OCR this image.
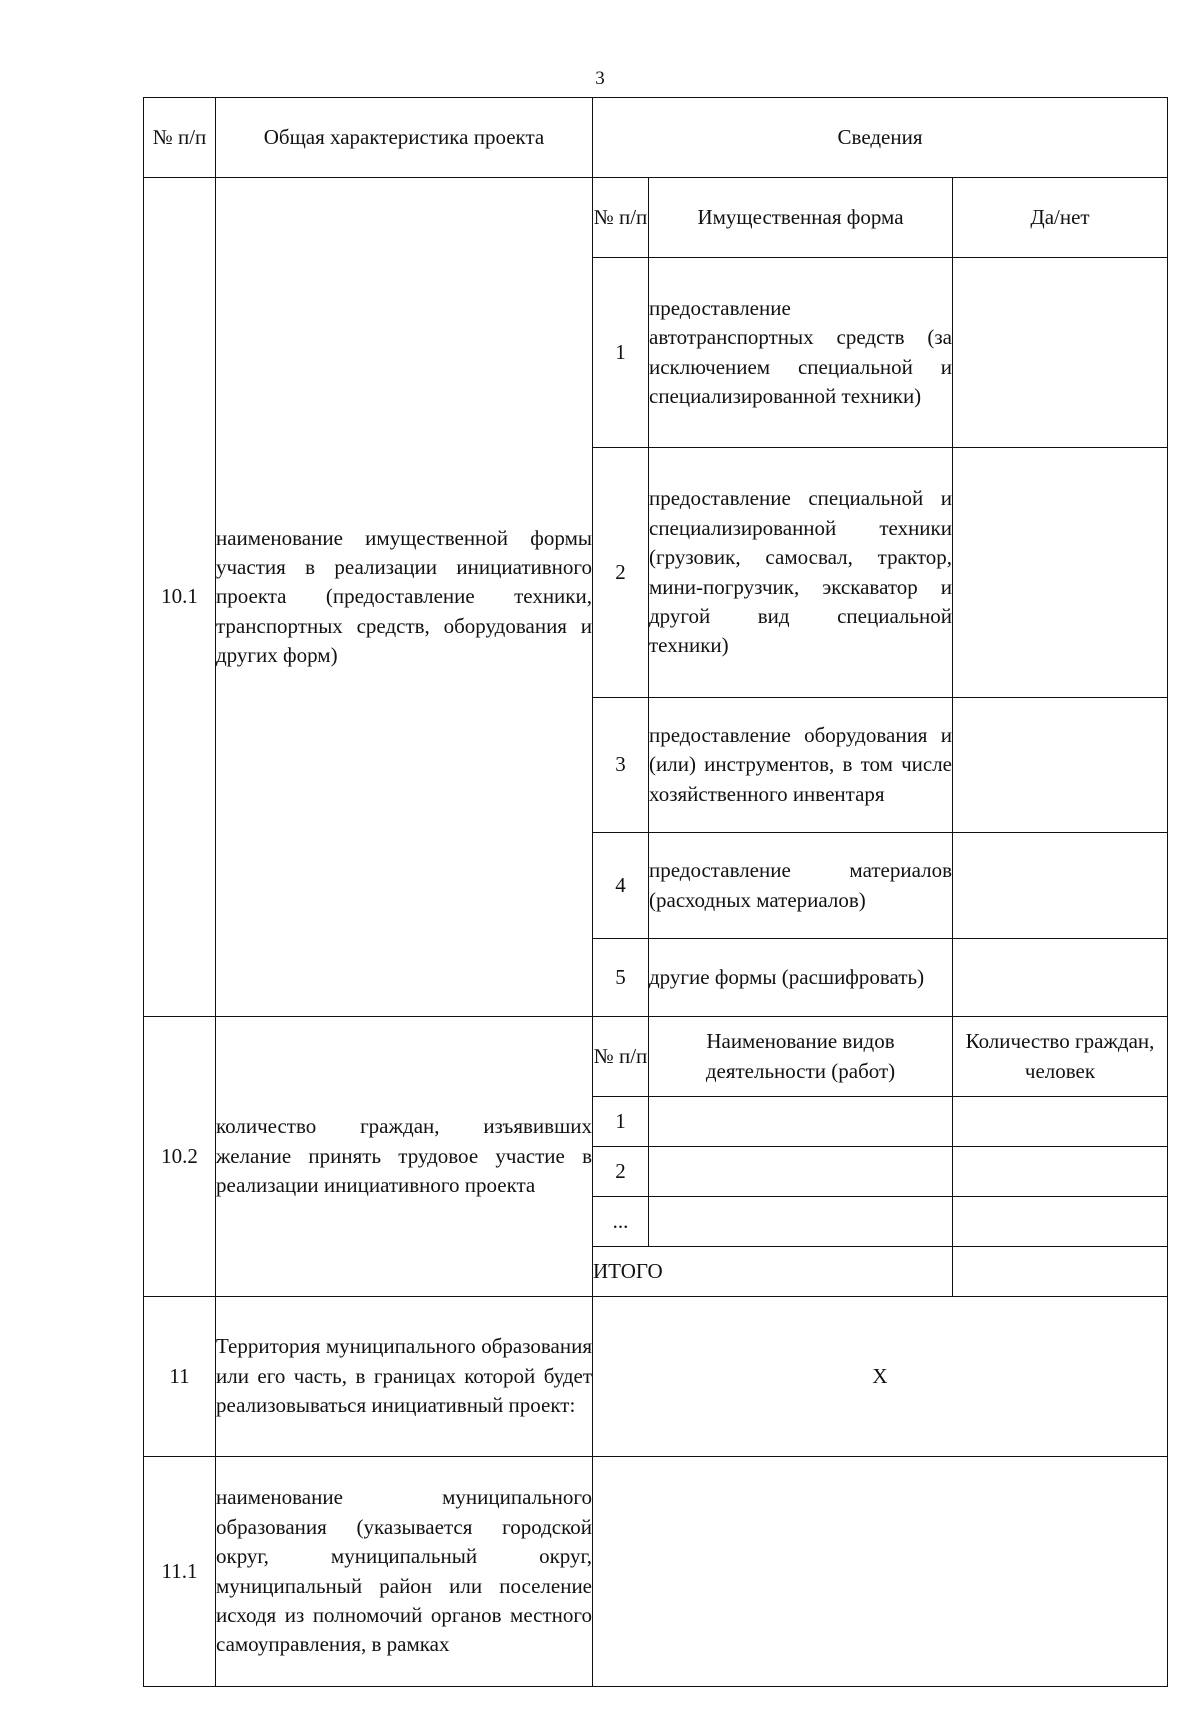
3
№ п/п	Общая характеристика проекта	Сведения		
10.1	наименование имущественной формы участия в реализации инициативного проекта (предоставление техники, транспортных средств, оборудования и других форм)	№ п/п	Имущественная форма	Да/нет
		1	предоставление автотранспортных средств (за исключением специальной и специализированной техники)	
		2	предоставление специальной и специализированной техники (грузовик, самосвал, трактор, мини-погрузчик, экскаватор и другой вид специальной техники)	
		3	предоставление оборудования и (или) инструментов, в том числе хозяйственного инвентаря	
		4	предоставление материалов (расходных материалов)	
		5	другие формы (расшифровать)	
10.2	количество граждан, изъявивших желание принять трудовое участие в реализации инициативного проекта	№ п/п	Наименование видов деятельности (работ)	Количество граждан, человек
		1		
		2		
		...		
		ИТОГО		
11	Территория муниципального образования или его часть, в границах которой будет реализовываться инициативный проект:	Х		
11.1	наименование муниципального образования (указывается городской округ, муниципальный округ, муниципальный район или поселение исходя из полномочий органов местного самоуправления, в рамках			
